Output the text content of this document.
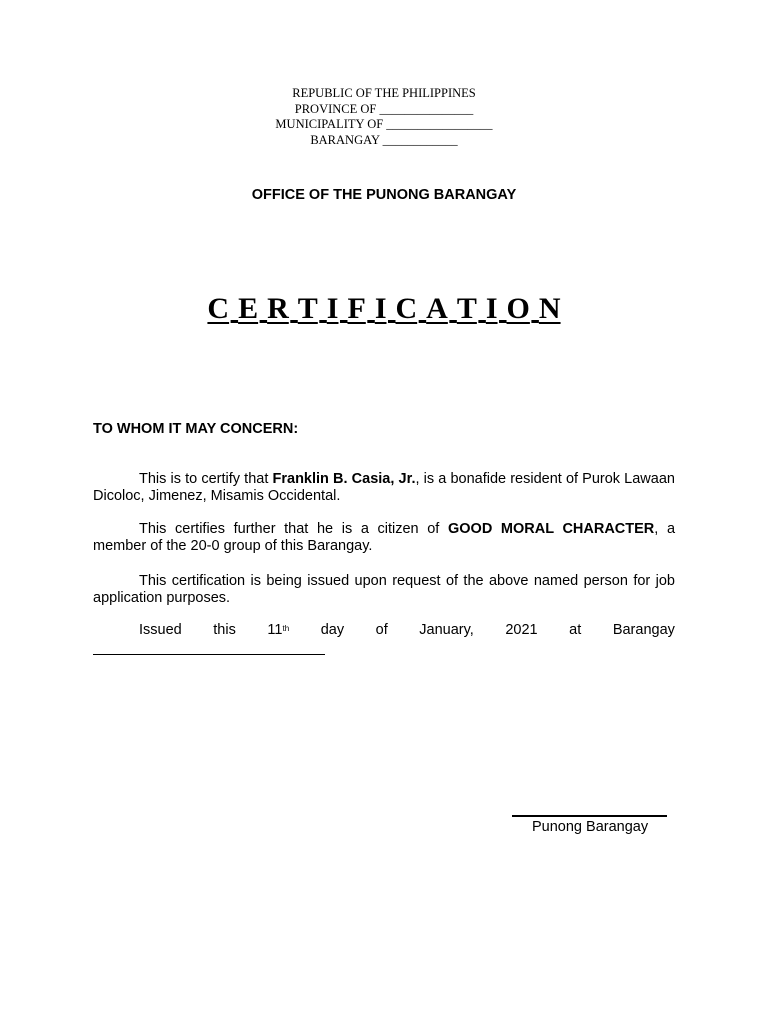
REPUBLIC OF THE PHILIPPINES
PROVINCE OF _______________
MUNICIPALITY OF _________________
BARANGAY ____________
OFFICE OF THE PUNONG BARANGAY
C E R T I F I C A T I O N
TO WHOM IT MAY CONCERN:

This is to certify that Franklin B. Casia, Jr., is a bonafide resident of Purok Lawaan Dicoloc, Jimenez, Misamis Occidental.

This certifies further that he is a citizen of GOOD MORAL CHARACTER, a member of the 20-0 group of this Barangay.

This certification is being issued upon request of the above named person for job application purposes.

Issued this 11th day of January, 2021 at Barangay
Punong Barangay
